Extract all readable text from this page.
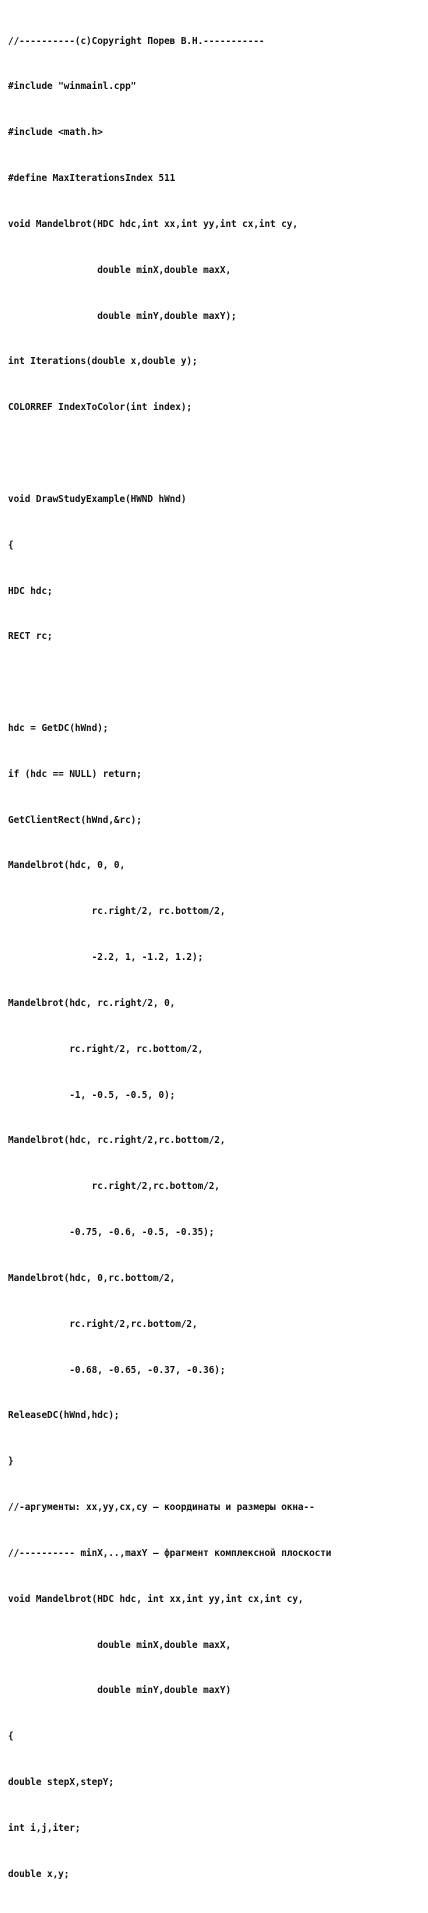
//----------(c)Copyright Порев В.Н.-----------

#include "winmainl.cpp"

#include <math.h>

#define MaxIterationsIndex 511

void Mandelbrot(HDC hdc,int xx,int yy,int cx,int cy,

double minX,double maxX,

double minY,double maxY);

int Iterations(double x,double y);

COLORREF IndexToColor(int index);

void DrawStudyExample(HWND hWnd)

{

HDC hdc;

RECT rc;

hdc = GetDC(hWnd);

if (hdc == NULL) return;

GetClientRect(hWnd,&rc);

Mandelbrot(hdc, 0, 0,

rc.right/2, rc.bottom/2,

-2.2, 1, -1.2, 1.2);

Mandelbrot(hdc, rc.right/2, 0,

rc.right/2, rc.bottom/2,

-1, -0.5, -0.5, 0);

Mandelbrot(hdc, rc.right/2,rc.bottom/2,

rc.right/2,rc.bottom/2,

-0.75, -0.6, -0.5, -0.35);

Mandelbrot(hdc, 0,rc.bottom/2,

rc.right/2,rc.bottom/2,

-0.68, -0.65, -0.37, -0.36);

ReleaseDC(hWnd,hdc);

}

//-аргументы: xx,yy,cx,cy — координаты и размеры окна--

//---------- minX,..,maxY — фрагмент комплексной плоскости

void Mandelbrot(HDC hdc, int xx,int yy,int cx,int cy,

double minX,double maxX,

double minY,double maxY)

{

double stepX,stepY;

int i,j,iter;

double x,y;
